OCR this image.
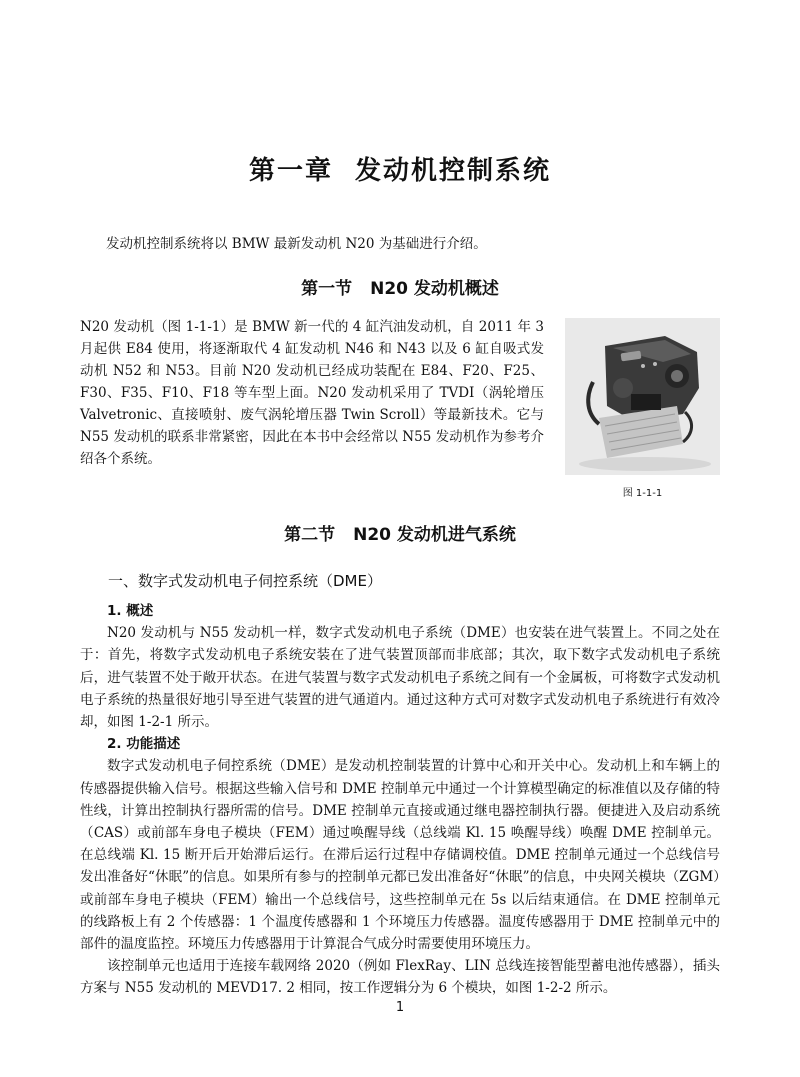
第一章 发动机控制系统
发动机控制系统将以 BMW 最新发动机 N20 为基础进行介绍。
第一节 N20 发动机概述
N20 发动机（图 1-1-1）是 BMW 新一代的 4 缸汽油发动机，自 2011 年 3 月起供 E84 使用，将逐渐取代 4 缸发动机 N46 和 N43 以及 6 缸自吸式发动机 N52 和 N53。目前 N20 发动机已经成功装配在 E84、F20、F25、F30、F35、F10、F18 等车型上面。N20 发动机采用了 TVDI（涡轮增压 Valvetronic、直接喷射、废气涡轮增压器 Twin Scroll）等最新技术。它与 N55 发动机的联系非常紧密，因此在本书中会经常以 N55 发动机作为参考介绍各个系统。
图 1-1-1
第二节 N20 发动机进气系统
一、数字式发动机电子伺控系统（DME）

1. 概述

N20 发动机与 N55 发动机一样，数字式发动机电子系统（DME）也安装在进气装置上。不同之处在于：首先，将数字式发动机电子系统安装在了进气装置顶部而非底部；其次，取下数字式发动机电子系统后，进气装置不处于敞开状态。在进气装置与数字式发动机电子系统之间有一个金属板，可将数字式发动机电子系统的热量很好地引导至进气装置的进气通道内。通过这种方式可对数字式发动机电子系统进行有效冷却，如图 1-2-1 所示。

2. 功能描述

数字式发动机电子伺控系统（DME）是发动机控制装置的计算中心和开关中心。发动机上和车辆上的传感器提供输入信号。根据这些输入信号和 DME 控制单元中通过一个计算模型确定的标准值以及存储的特性线，计算出控制执行器所需的信号。DME 控制单元直接或通过继电器控制执行器。便捷进入及启动系统（CAS）或前部车身电子模块（FEM）通过唤醒导线（总线端 Kl. 15 唤醒导线）唤醒 DME 控制单元。在总线端 Kl. 15 断开后开始滞后运行。在滞后运行过程中存储调校值。DME 控制单元通过一个总线信号发出准备好“休眠”的信息。如果所有参与的控制单元都已发出准备好“休眠”的信息，中央网关模块（ZGM）或前部车身电子模块（FEM）输出一个总线信号，这些控制单元在 5s 以后结束通信。在 DME 控制单元的线路板上有 2 个传感器：1 个温度传感器和 1 个环境压力传感器。温度传感器用于 DME 控制单元中的部件的温度监控。环境压力传感器用于计算混合气成分时需要使用环境压力。

该控制单元也适用于连接车载网络 2020（例如 FlexRay、LIN 总线连接智能型蓄电池传感器），插头方案与 N55 发动机的 MEVD17. 2 相同，按工作逻辑分为 6 个模块，如图 1-2-2 所示。

1
